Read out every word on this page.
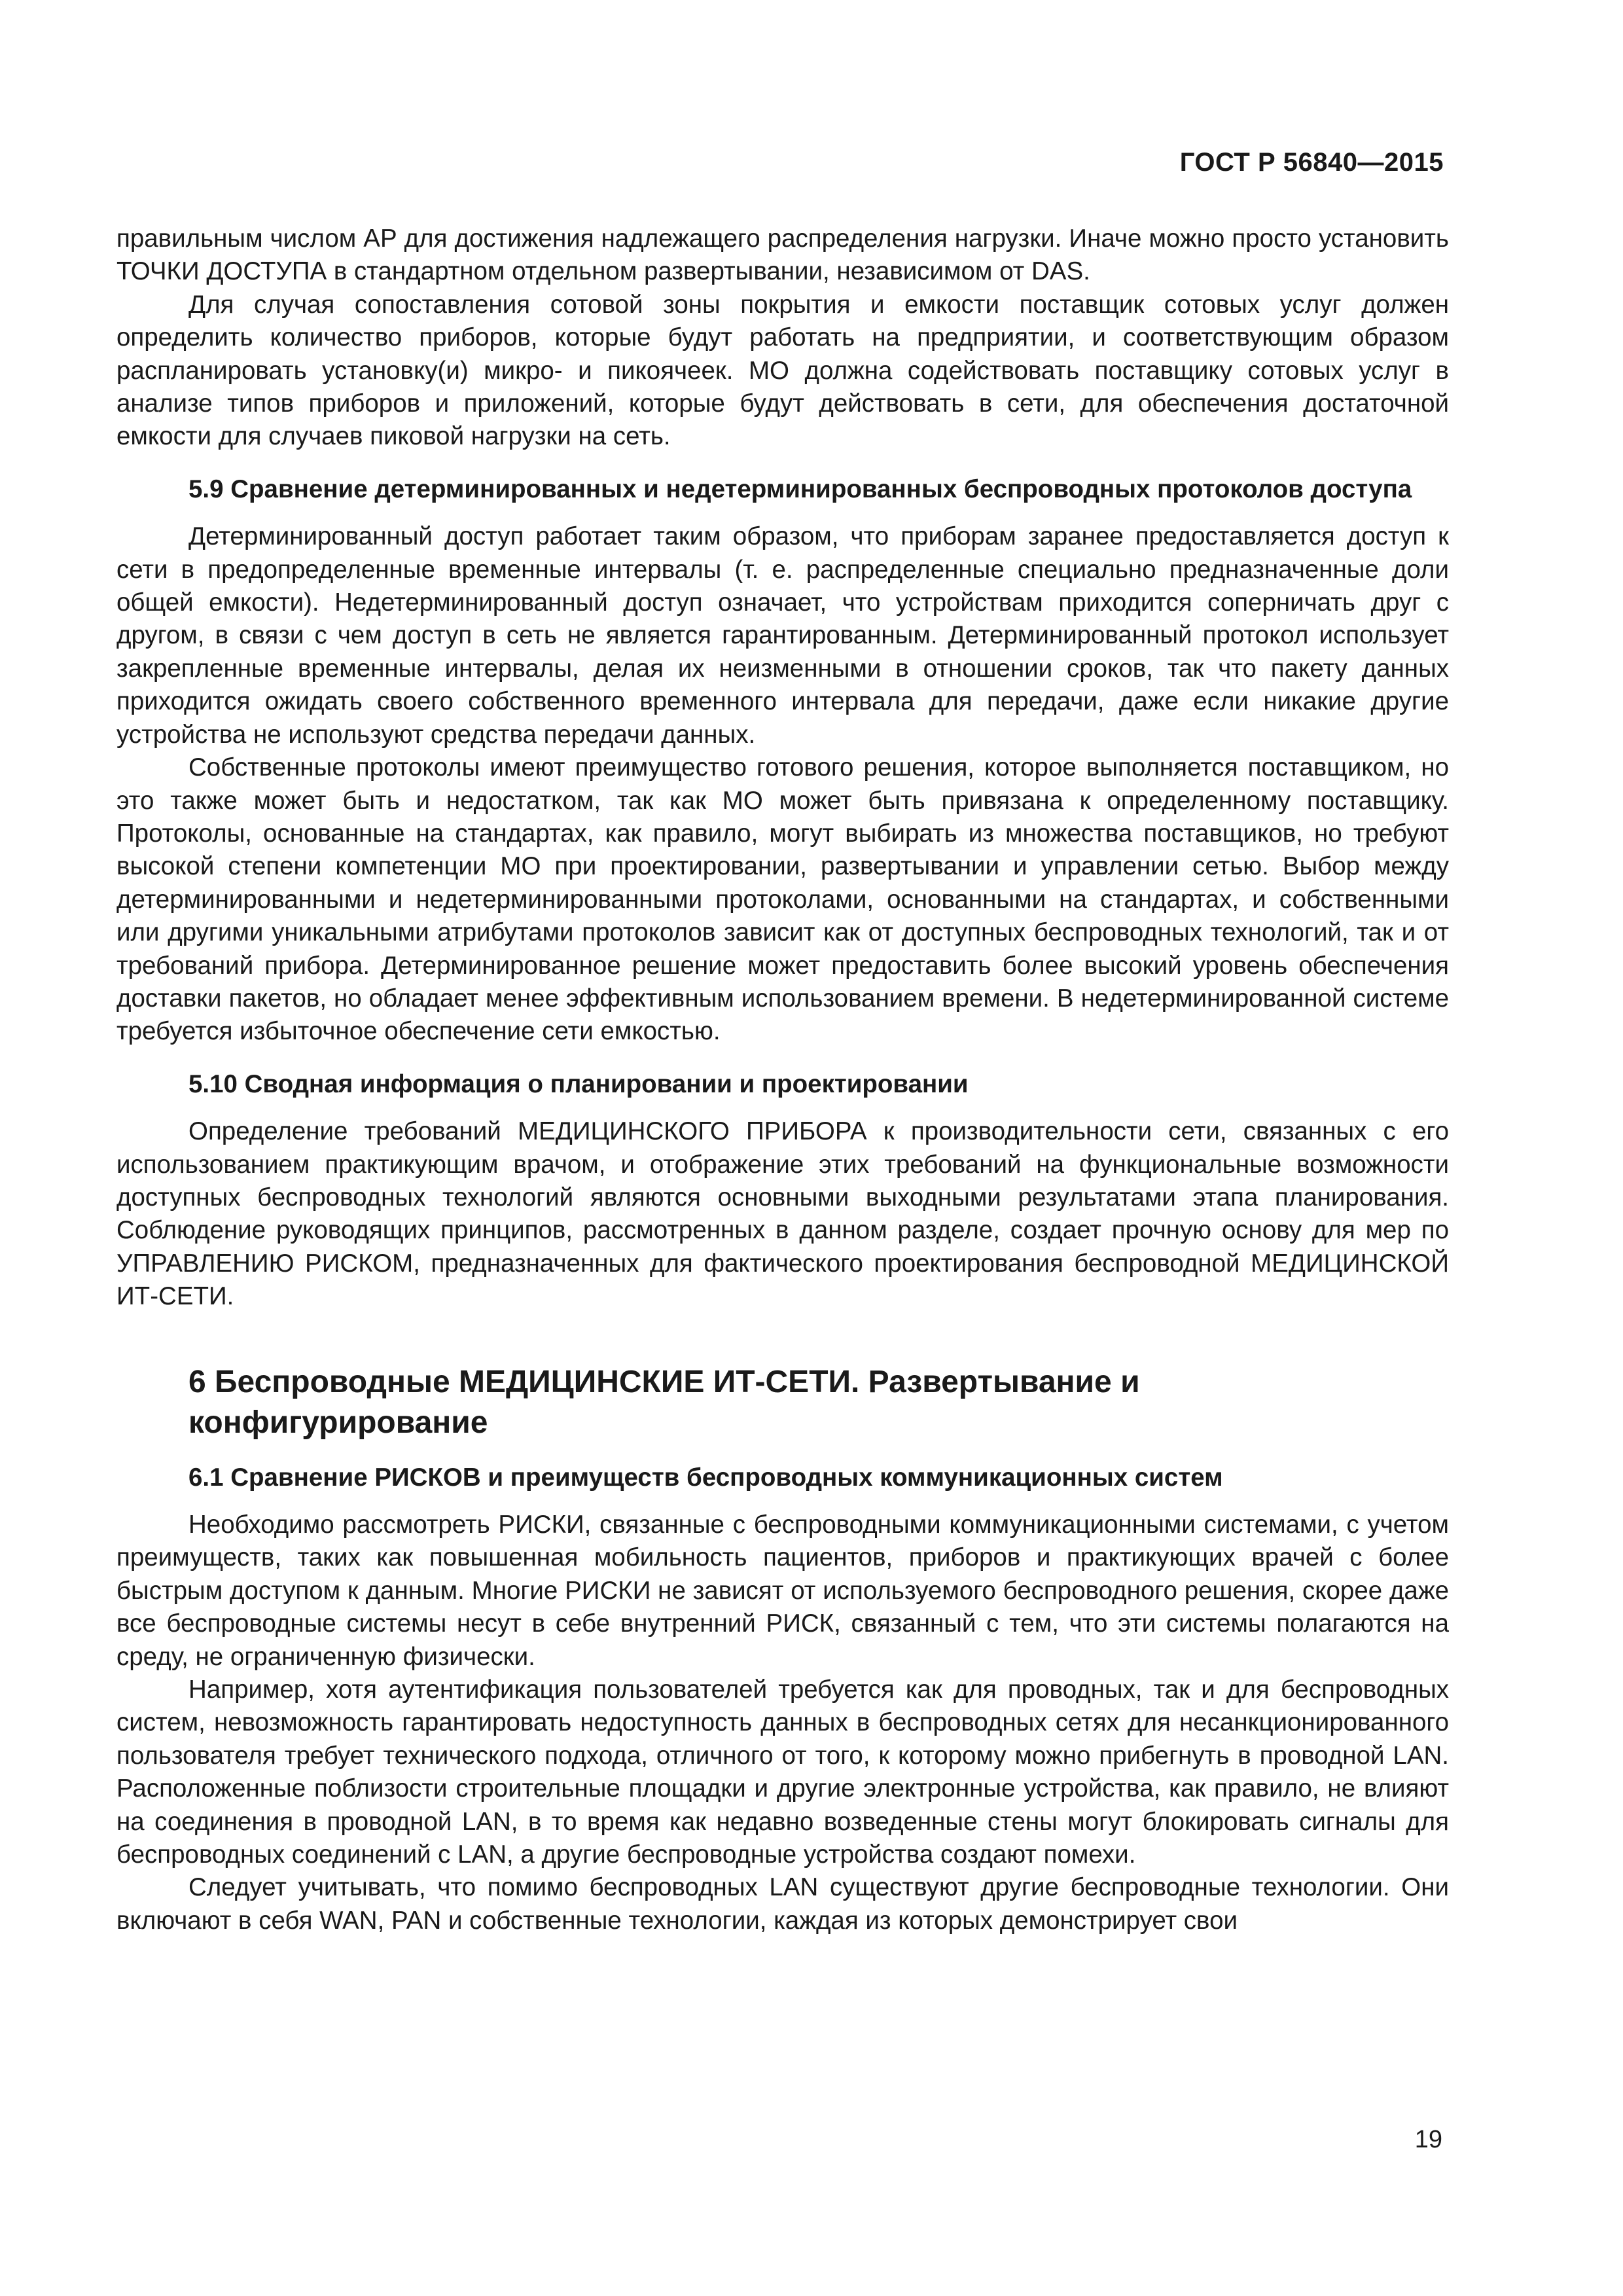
ГОСТ Р 56840—2015

правильным числом АР для достижения надлежащего распределения нагрузки. Иначе можно просто установить ТОЧКИ ДОСТУПА в стандартном отдельном развертывании, независимом от DAS.

Для случая сопоставления сотовой зоны покрытия и емкости поставщик сотовых услуг должен определить количество приборов, которые будут работать на предприятии, и соответствующим образом распланировать установку(и) микро- и пикоячеек. МО должна содействовать поставщику сотовых услуг в анализе типов приборов и приложений, которые будут действовать в сети, для обеспечения достаточной емкости для случаев пиковой нагрузки на сеть.

5.9 Сравнение детерминированных и недетерминированных беспроводных протоколов доступа

Детерминированный доступ работает таким образом, что приборам заранее предоставляется доступ к сети в предопределенные временные интервалы (т. е. распределенные специально предназначенные доли общей емкости). Недетерминированный доступ означает, что устройствам приходится соперничать друг с другом, в связи с чем доступ в сеть не является гарантированным. Детерминированный протокол использует закрепленные временные интервалы, делая их неизменными в отношении сроков, так что пакету данных приходится ожидать своего собственного временного интервала для передачи, даже если никакие другие устройства не используют средства передачи данных.

Собственные протоколы имеют преимущество готового решения, которое выполняется поставщиком, но это также может быть и недостатком, так как МО может быть привязана к определенному поставщику. Протоколы, основанные на стандартах, как правило, могут выбирать из множества поставщиков, но требуют высокой степени компетенции МО при проектировании, развертывании и управлении сетью. Выбор между детерминированными и недетерминированными протоколами, основанными на стандартах, и собственными или другими уникальными атрибутами протоколов зависит как от доступных беспроводных технологий, так и от требований прибора. Детерминированное решение может предоставить более высокий уровень обеспечения доставки пакетов, но обладает менее эффективным использованием времени. В недетерминированной системе требуется избыточное обеспечение сети емкостью.

5.10 Сводная информация о планировании и проектировании

Определение требований МЕДИЦИНСКОГО ПРИБОРА к производительности сети, связанных с его использованием практикующим врачом, и отображение этих требований на функциональные возможности доступных беспроводных технологий являются основными выходными результатами этапа планирования. Соблюдение руководящих принципов, рассмотренных в данном разделе, создает прочную основу для мер по УПРАВЛЕНИЮ РИСКОМ, предназначенных для фактического проектирования беспроводной МЕДИЦИНСКОЙ ИТ-СЕТИ.

6 Беспроводные МЕДИЦИНСКИЕ ИТ-СЕТИ. Развертывание и конфигурирование
6.1 Сравнение РИСКОВ и преимуществ беспроводных коммуникационных систем

Необходимо рассмотреть РИСКИ, связанные с беспроводными коммуникационными системами, с учетом преимуществ, таких как повышенная мобильность пациентов, приборов и практикующих врачей с более быстрым доступом к данным. Многие РИСКИ не зависят от используемого беспроводного решения, скорее даже все беспроводные системы несут в себе внутренний РИСК, связанный с тем, что эти системы полагаются на среду, не ограниченную физически.

Например, хотя аутентификация пользователей требуется как для проводных, так и для беспроводных систем, невозможность гарантировать недоступность данных в беспроводных сетях для несанкционированного пользователя требует технического подхода, отличного от того, к которому можно прибегнуть в проводной LAN. Расположенные поблизости строительные площадки и другие электронные устройства, как правило, не влияют на соединения в проводной LAN, в то время как недавно возведенные стены могут блокировать сигналы для беспроводных соединений с LAN, а другие беспроводные устройства создают помехи.

Следует учитывать, что помимо беспроводных LAN существуют другие беспроводные технологии. Они включают в себя WAN, PAN и собственные технологии, каждая из которых демонстрирует свои

19
